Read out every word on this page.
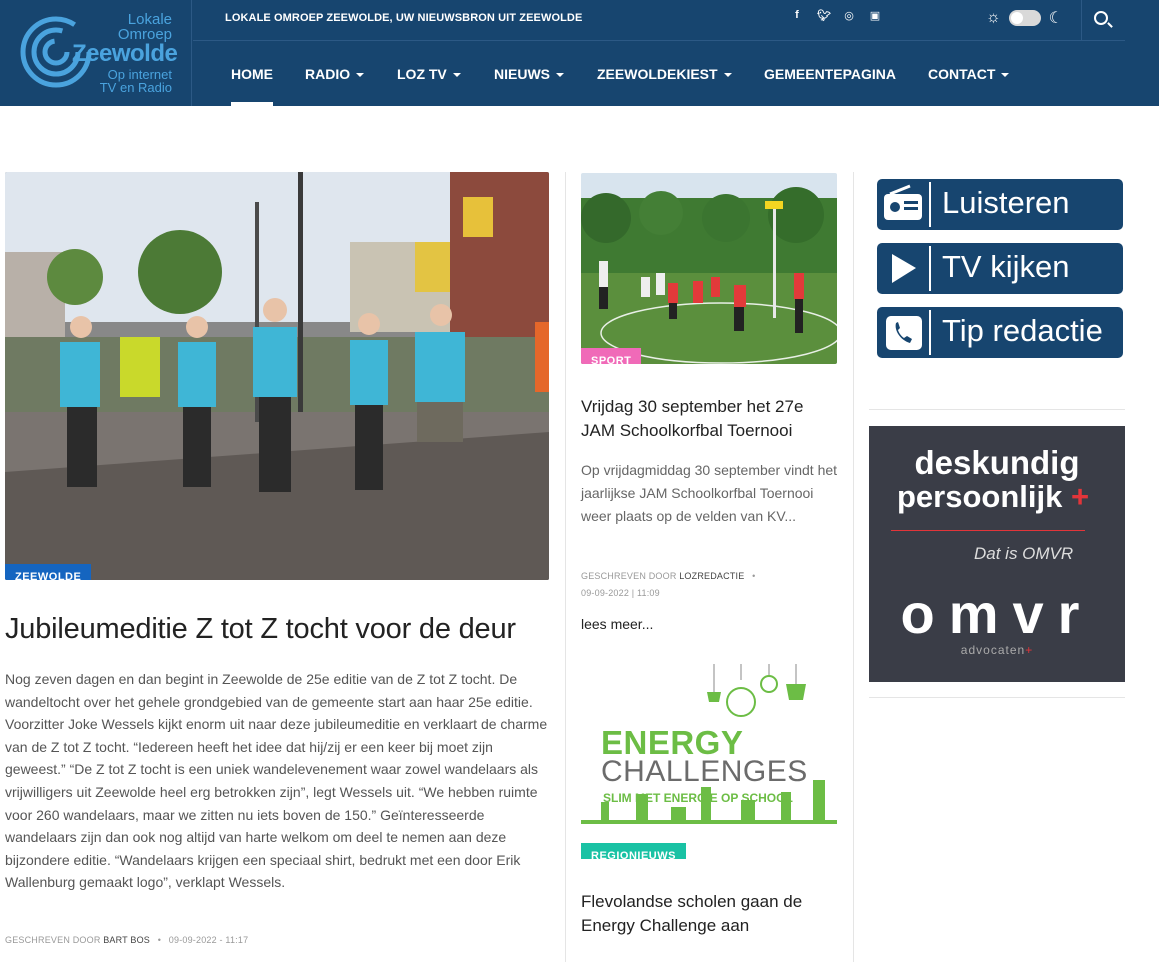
Lokale Omroep
Zeewolde
Op internet
TV en Radio
LOKALE OMROEP ZEEWOLDE, UW NIEUWSBRON UIT ZEEWOLDE	f	🐦︎ ◎ ▣	☼	☾
HOME RADIO	LOZ TV	NIEUWS	ZEEWOLDEKIEST	GEMEENTEPAGINA CONTACT
ZEEWOLDE
Jubileumeditie Z tot Z tocht voor de deur

Nog zeven dagen en dan begint in Zeewolde de 25e editie van de Z tot Z tocht. De wandeltocht over het gehele grondgebied van de gemeente start aan haar 25e editie. Voorzitter Joke Wessels kijkt enorm uit naar deze jubileumeditie en verklaart de charme van de Z tot Z tocht. “Iedereen heeft het idee dat hij/zij er een keer bij moet zijn geweest.” “De Z tot Z tocht is een uniek wandelevenement waar zowel wandelaars als vrijwilligers uit Zeewolde heel erg betrokken zijn”, legt Wessels uit. “We hebben ruimte voor 260 wandelaars, maar we zitten nu iets boven de 150.” Geïnteresseerde wandelaars zijn dan ook nog altijd van harte welkom om deel te nemen aan deze bijzondere editie. “Wandelaars krijgen een speciaal shirt, bedrukt met een door Erik Wallenburg gemaakt logo”, verklapt Wessels.

GESCHREVEN DOOR BART BOS • 09-09-2022 - 11:17
SPORT
Vrijdag 30 september het 27e JAM Schoolkorfbal Toernooi

Op vrijdagmiddag 30 september vindt het jaarlijkse JAM Schoolkorfbal Toernooi weer plaats op de velden van KV...

GESCHREVEN DOOR LOZREDACTIE •
09-09-2022 | 11:09
lees meer...
ENERGY
CHALLENGES
SLIM MET ENERGIE OP SCHOOL
REGIONIEUWS
Flevolandse scholen gaan de Energy Challenge aan
Luisteren
TV kijken
Tip redactie
deskundig
persoonlijk +
Dat is OMVR
omvr
advocaten+
